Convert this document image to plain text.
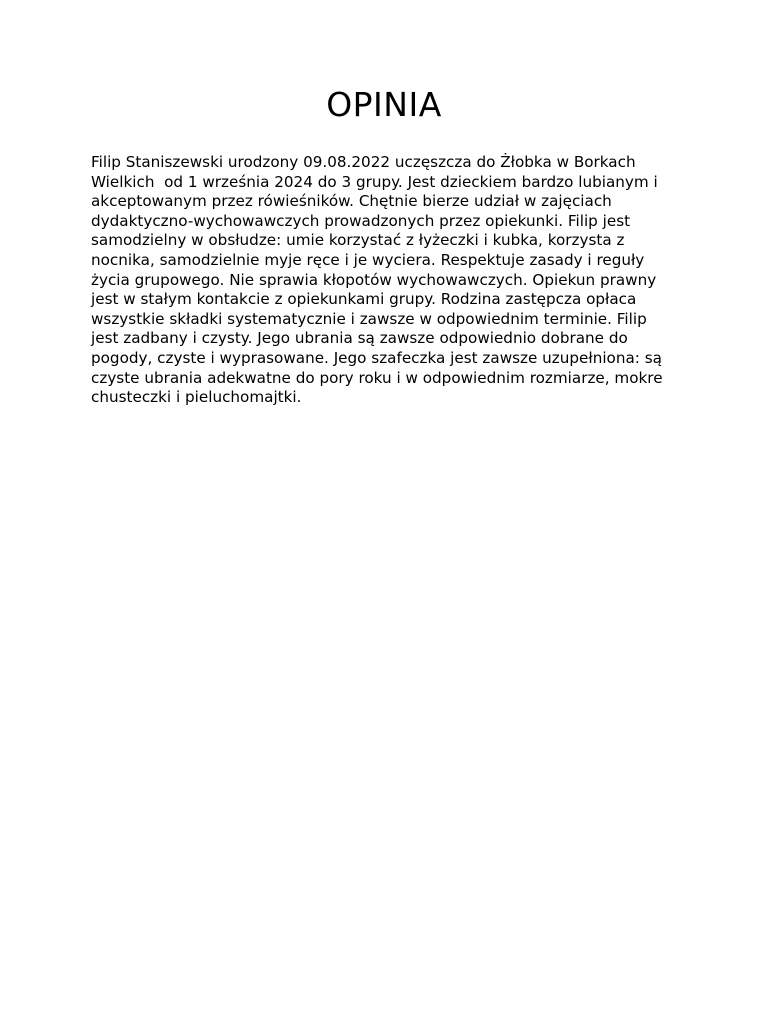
OPINIA

Filip Staniszewski urodzony 09.08.2022 uczęszcza do Żłobka w Borkach
Wielkich  od 1 września 2024 do 3 grupy. Jest dzieckiem bardzo lubianym i
akceptowanym przez rówieśników. Chętnie bierze udział w zajęciach
dydaktyczno-wychowawczych prowadzonych przez opiekunki. Filip jest
samodzielny w obsłudze: umie korzystać z łyżeczki i kubka, korzysta z
nocnika, samodzielnie myje ręce i je wyciera. Respektuje zasady i reguły
życia grupowego. Nie sprawia kłopotów wychowawczych. Opiekun prawny
jest w stałym kontakcie z opiekunkami grupy. Rodzina zastępcza opłaca
wszystkie składki systematycznie i zawsze w odpowiednim terminie. Filip
jest zadbany i czysty. Jego ubrania są zawsze odpowiednio dobrane do
pogody, czyste i wyprasowane. Jego szafeczka jest zawsze uzupełniona: są
czyste ubrania adekwatne do pory roku i w odpowiednim rozmiarze, mokre
chusteczki i pieluchomajtki.
